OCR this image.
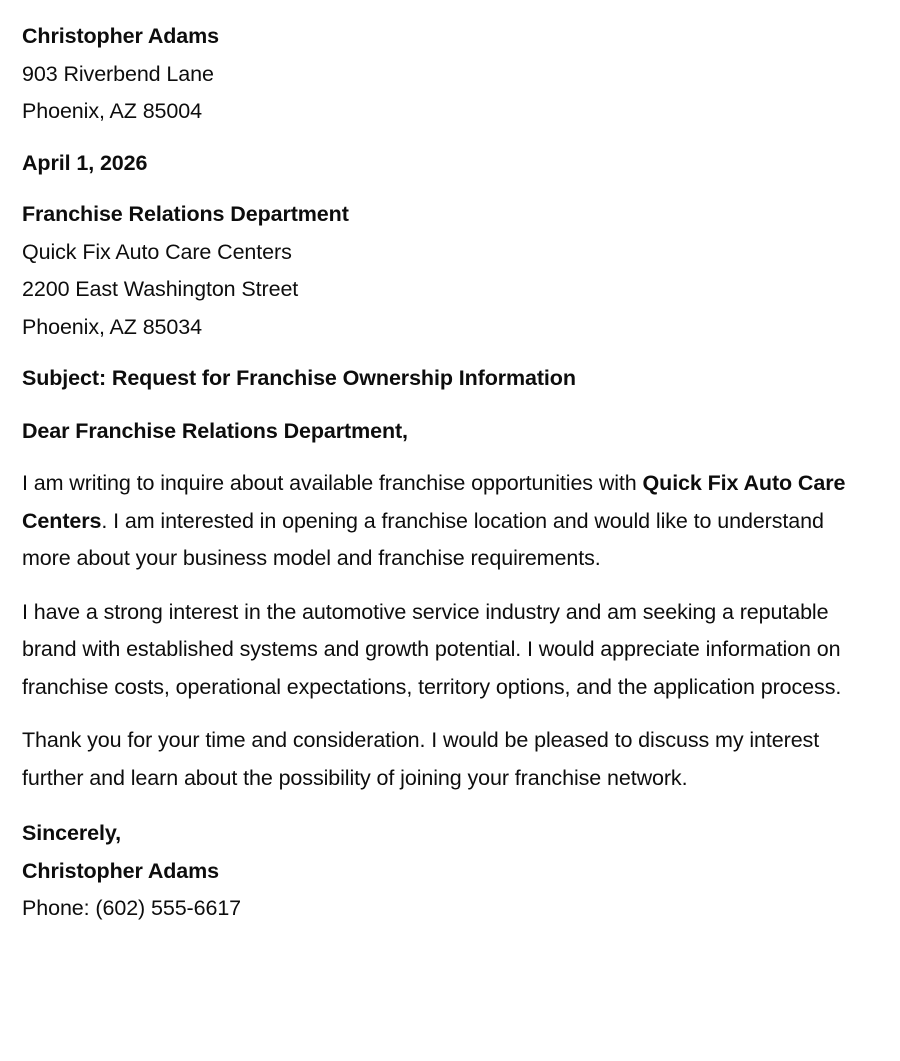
Christopher Adams
903 Riverbend Lane
Phoenix, AZ 85004
April 1, 2026
Franchise Relations Department
Quick Fix Auto Care Centers
2200 East Washington Street
Phoenix, AZ 85034
Subject: Request for Franchise Ownership Information
Dear Franchise Relations Department,

I am writing to inquire about available franchise opportunities with Quick Fix Auto Care Centers. I am interested in opening a franchise location and would like to understand more about your business model and franchise requirements.

I have a strong interest in the automotive service industry and am seeking a reputable brand with established systems and growth potential. I would appreciate information on franchise costs, operational expectations, territory options, and the application process.

Thank you for your time and consideration. I would be pleased to discuss my interest further and learn about the possibility of joining your franchise network.

Sincerely,
Christopher Adams
Phone: (602) 555-6617
